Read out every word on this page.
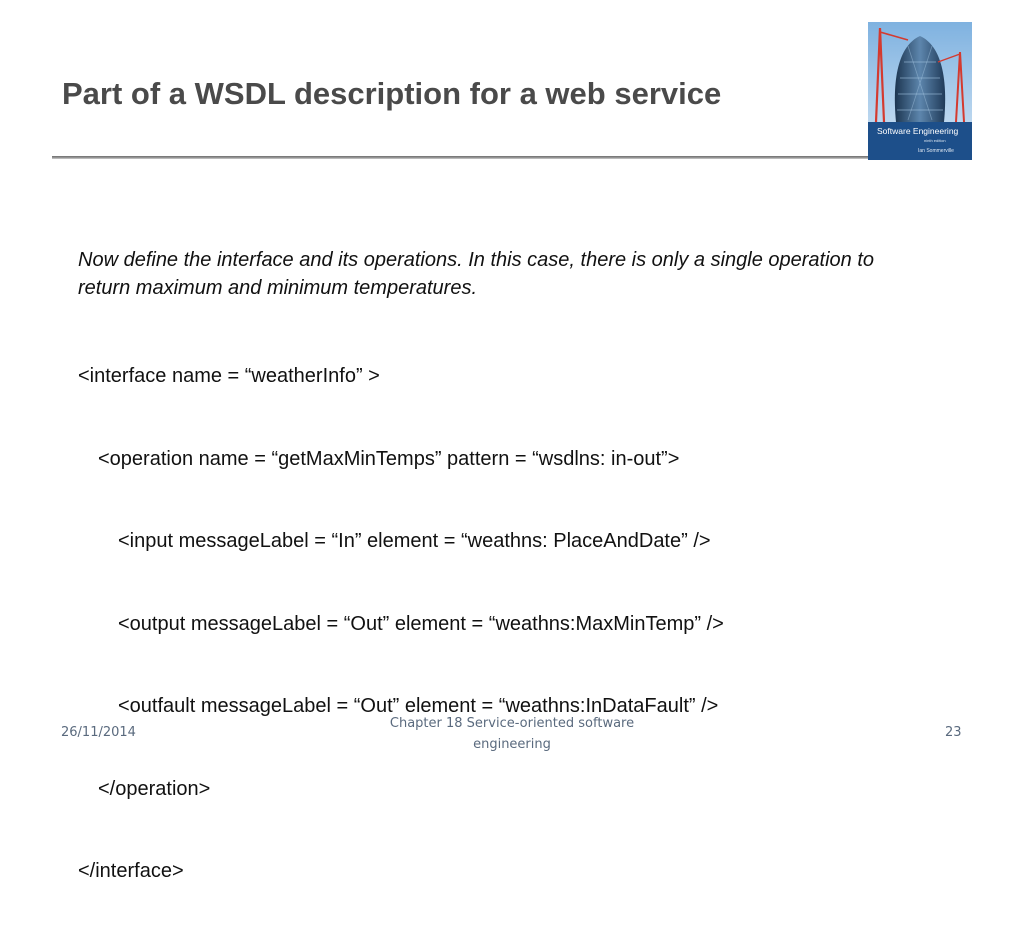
Part of a WSDL description for a web service
Software Engineering
ninth edition
Ian Sommerville
Now define the interface and its operations. In this case, there is only a single operation to return maximum and minimum temperatures.

<interface name = “weatherInfo” >

<operation name = “getMaxMinTemps” pattern = “wsdlns: in-out”>

<input messageLabel = “In” element = “weathns: PlaceAndDate” />

<output messageLabel = “Out” element = “weathns:MaxMinTemp” />

<outfault messageLabel = “Out” element = “weathns:InDataFault” />

</operation>

</interface>

26/11/2014
Chapter 18 Service-oriented software engineering
23
